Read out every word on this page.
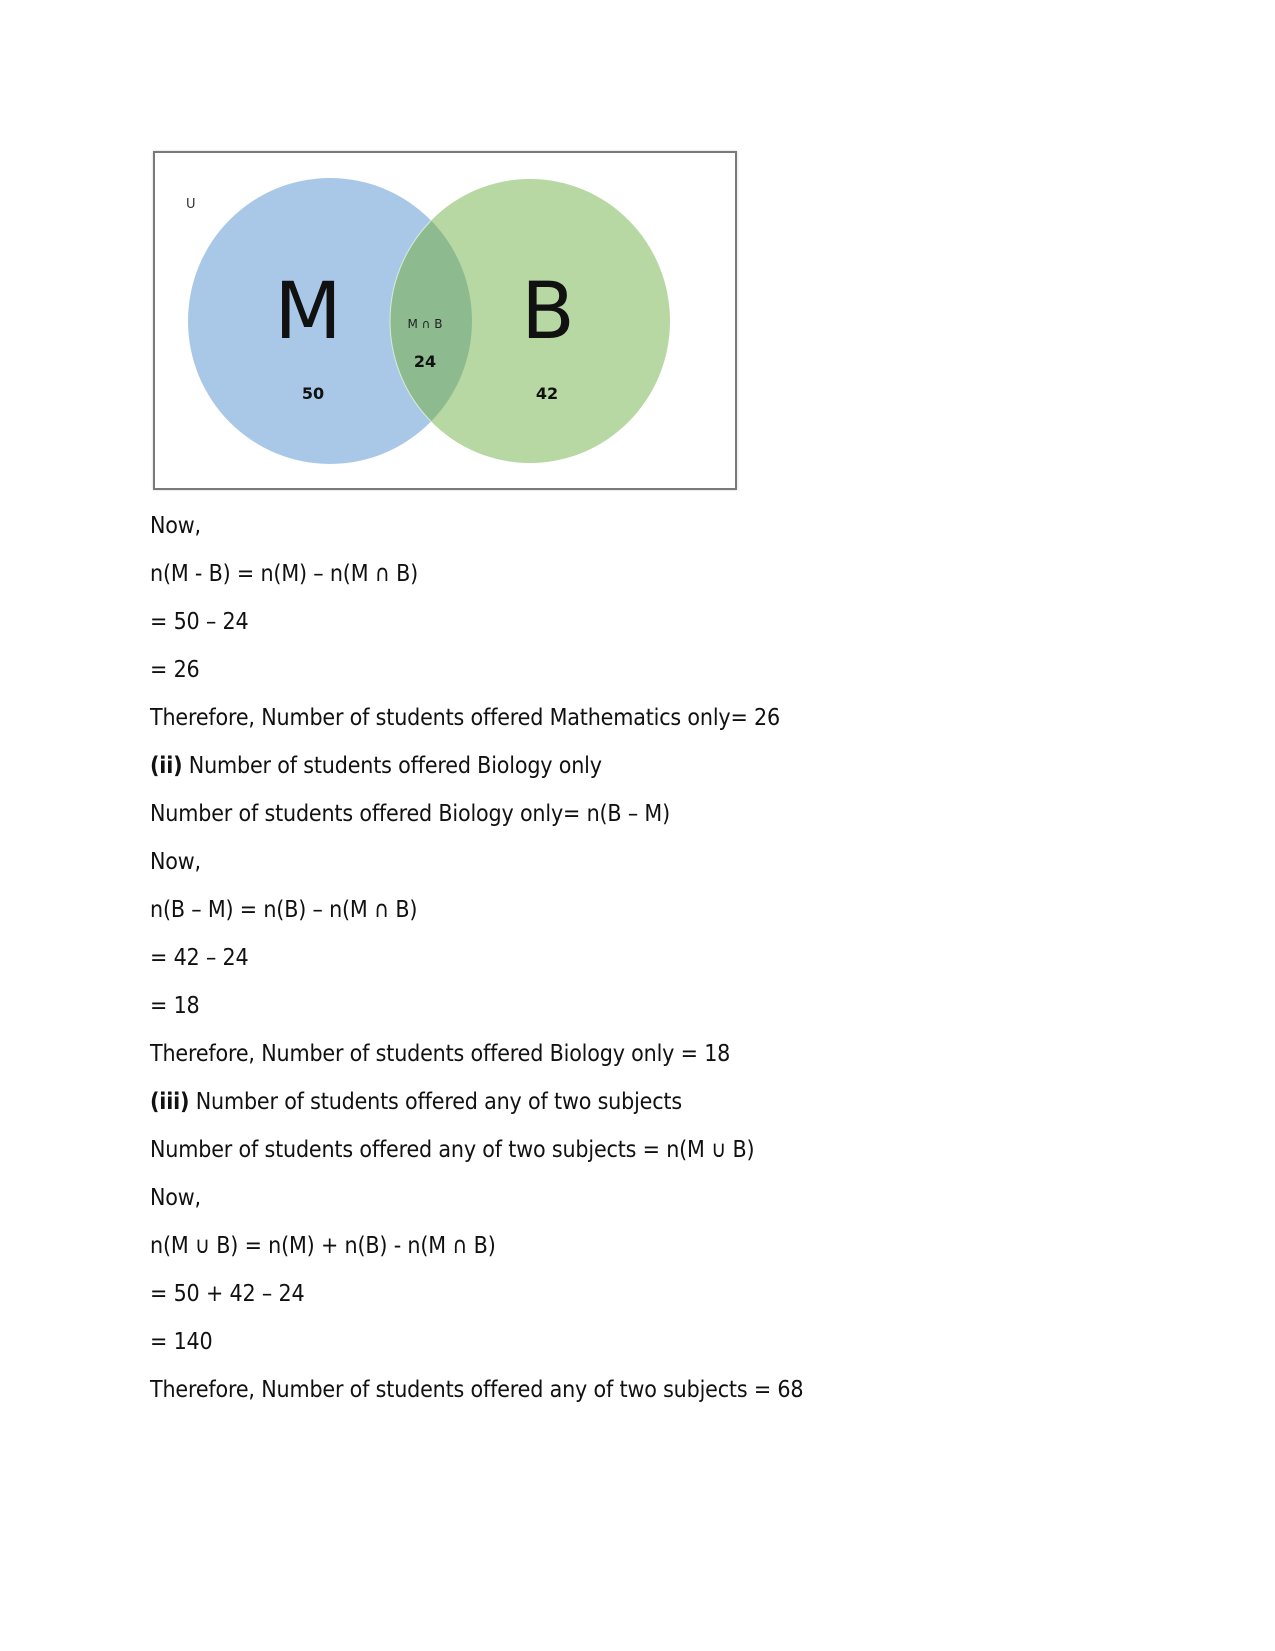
U
M B
M ∩ B
24
50	42
Now,
n(M - B) = n(M) – n(M ∩ B)
= 50 – 24
= 26
Therefore, Number of students offered Mathematics only= 26
(ii) Number of students offered Biology only
Number of students offered Biology only= n(B – M)
Now,
n(B – M) = n(B) – n(M ∩ B)
= 42 – 24
= 18
Therefore, Number of students offered Biology only = 18
(iii) Number of students offered any of two subjects
Number of students offered any of two subjects = n(M ∪ B)
Now,
n(M ∪ B) = n(M) + n(B) - n(M ∩ B)
= 50 + 42 – 24
= 140
Therefore, Number of students offered any of two subjects = 68
